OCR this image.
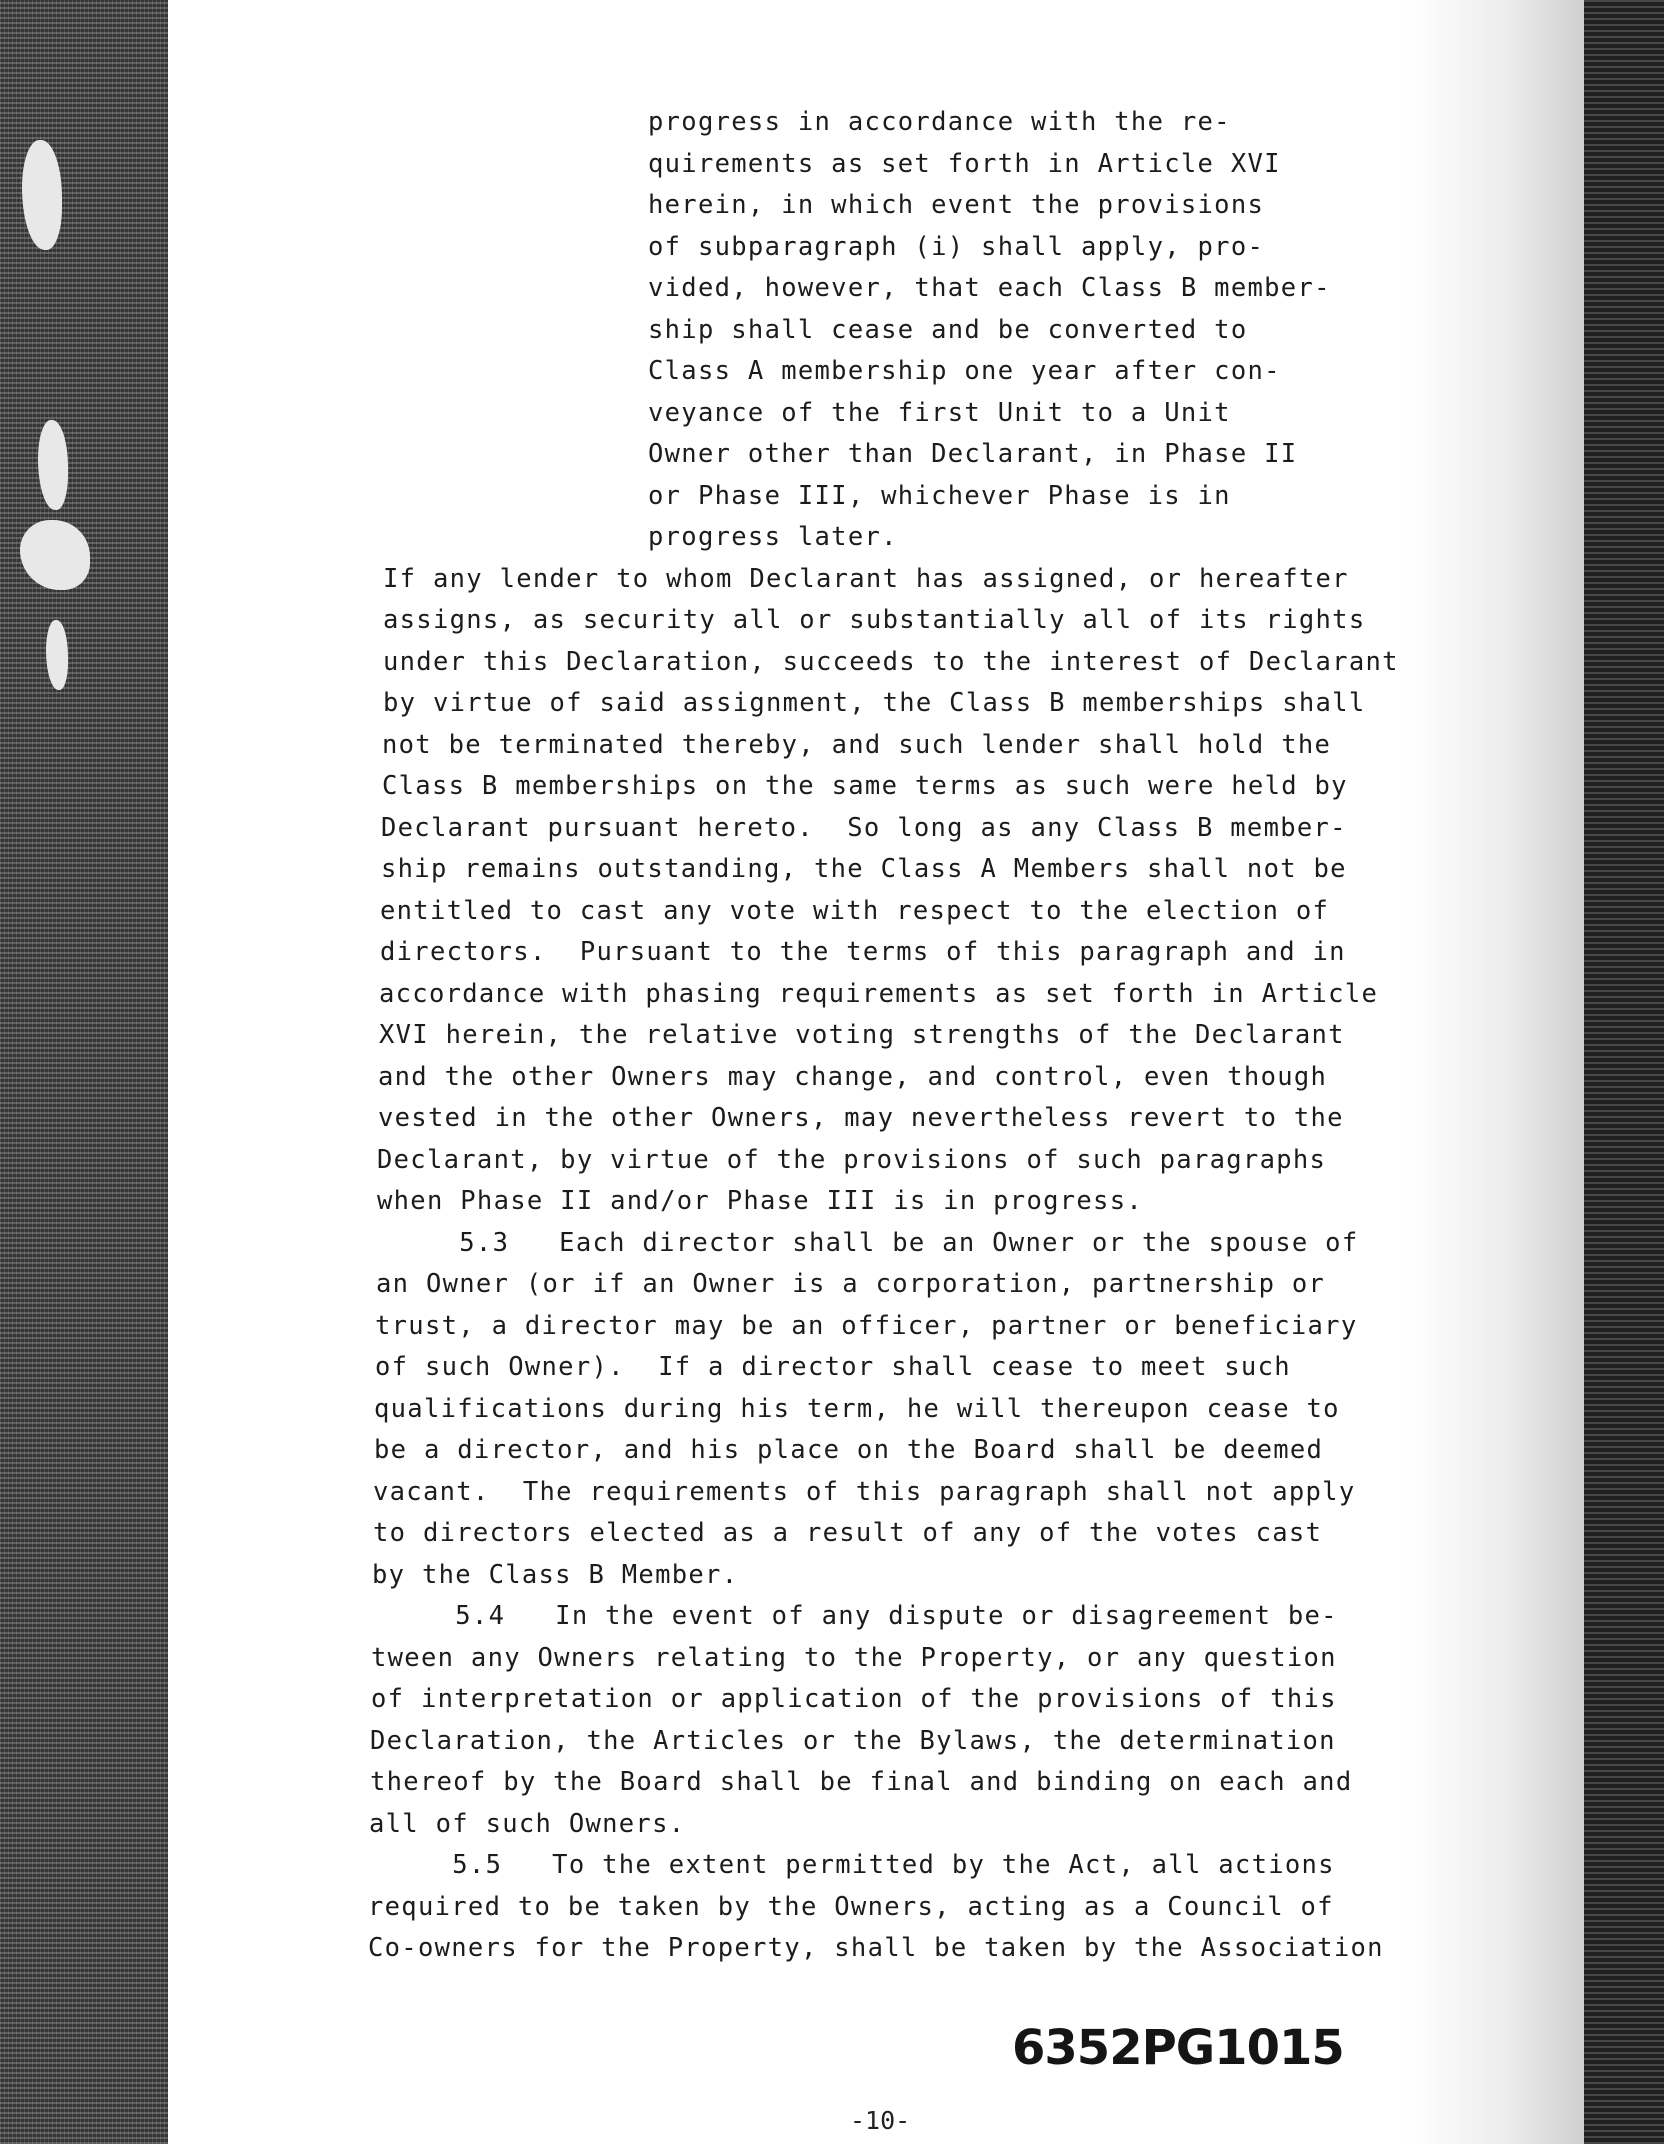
progress in accordance with the re-

quirements as set forth in Article XVI

herein, in which event the provisions

of subparagraph (i) shall apply, pro-

vided, however, that each Class B member-

ship shall cease and be converted to

Class A membership one year after con-

veyance of the first Unit to a Unit

Owner other than Declarant, in Phase II

or Phase III, whichever Phase is in

progress later.

If any lender to whom Declarant has assigned, or hereafter

assigns, as security all or substantially all of its rights

under this Declaration, succeeds to the interest of Declarant

by virtue of said assignment, the Class B memberships shall

not be terminated thereby, and such lender shall hold the

Class B memberships on the same terms as such were held by

Declarant pursuant hereto.  So long as any Class B member-

ship remains outstanding, the Class A Members shall not be

entitled to cast any vote with respect to the election of

directors.  Pursuant to the terms of this paragraph and in

accordance with phasing requirements as set forth in Article

XVI herein, the relative voting strengths of the Declarant

and the other Owners may change, and control, even though

vested in the other Owners, may nevertheless revert to the

Declarant, by virtue of the provisions of such paragraphs

when Phase II and/or Phase III is in progress.

5.3   Each director shall be an Owner or the spouse of

an Owner (or if an Owner is a corporation, partnership or

trust, a director may be an officer, partner or beneficiary

of such Owner).  If a director shall cease to meet such

qualifications during his term, he will thereupon cease to

be a director, and his place on the Board shall be deemed

vacant.  The requirements of this paragraph shall not apply

to directors elected as a result of any of the votes cast

by the Class B Member.

5.4   In the event of any dispute or disagreement be-

tween any Owners relating to the Property, or any question

of interpretation or application of the provisions of this

Declaration, the Articles or the Bylaws, the determination

thereof by the Board shall be final and binding on each and

all of such Owners.

5.5   To the extent permitted by the Act, all actions

required to be taken by the Owners, acting as a Council of

Co-owners for the Property, shall be taken by the Association

6352PG1015
-10-
